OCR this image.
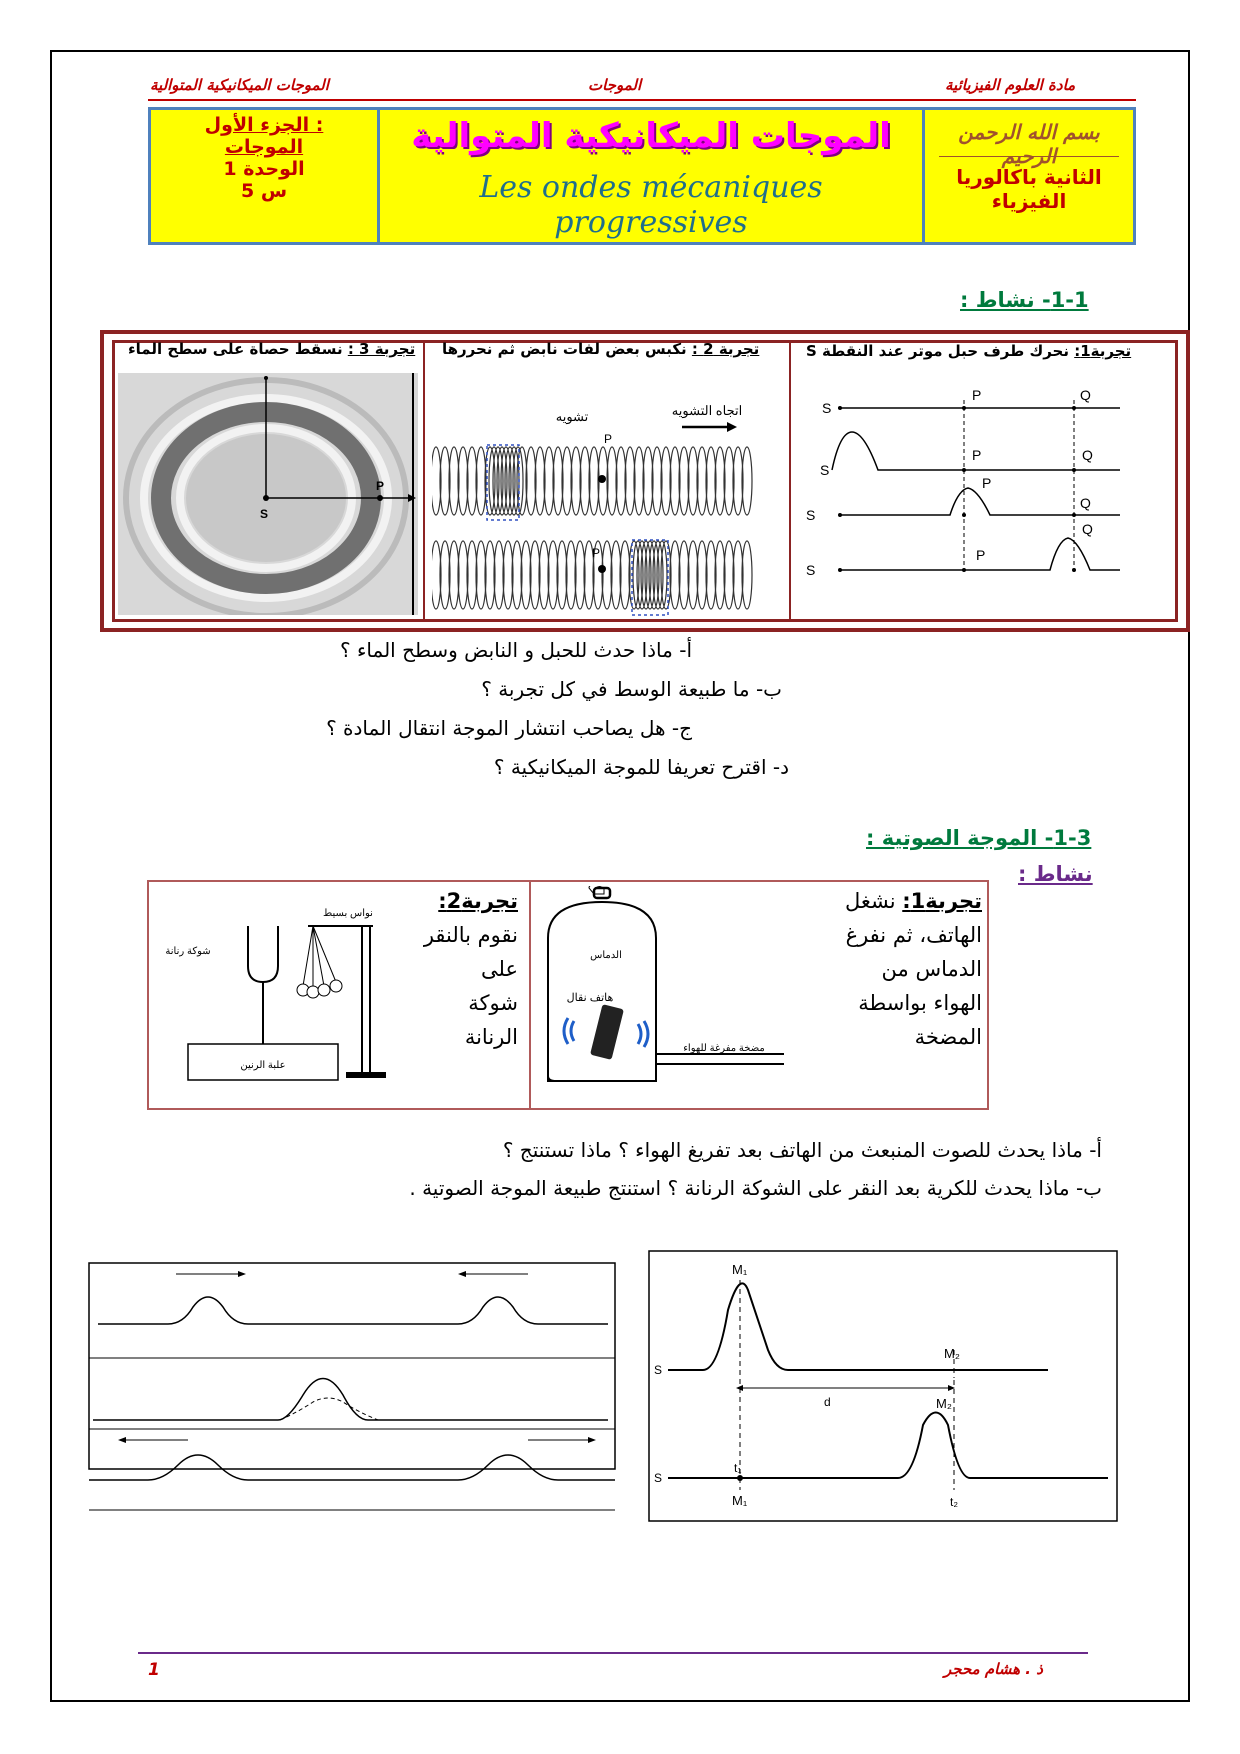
الموجات الميكانيكية المتوالية	الموجات	مادة العلوم الفيزيائية
الجزء الأول :
الموجات
الوحدة 1
5 س
الموجات الميكانيكية المتوالية
Les ondes mécaniques progressives
بسم الله الرحمن الرحيم
الثانية باكالوريا
الفيزياء
1-1- نشاط :
تجربة1: نحرك طرف حبل موتر عند النقطة S
تجربة 2 : نكبس بعض لفات نابض ثم نحررها
تجربة 3 : نسقط حصاة على سطح الماء
S
P	Q
S
P	Q
S
P
Q
S
P
Q
تشويه	اتجاه التشويه
P
P
S
P
أ- ماذا حدث للحبل و النابض وسطح الماء ؟
ب- ما طبيعة الوسط في كل تجربة ؟
ج- هل يصاحب انتشار الموجة انتقال المادة ؟
د- اقترح تعريفا للموجة الميكانيكية ؟
1-3- الموجة الصوتية :
نشاط :
تجربة1: نشغل
الهاتف، ثم نفرغ
الدماس من
الهواء بواسطة
المضخة
الدماس
هاتف نقال
مضخة مفرغة للهواء
تجربة2:
نقوم بالنقر
على
شوكة
الرنانة
نواس بسيط
شوكة رنانة
علبة الرنين
أ- ماذا يحدث للصوت المنبعث من الهاتف بعد تفريغ الهواء ؟ ماذا تستنتج ؟
ب- ماذا يحدث للكرية بعد النقر على الشوكة الرنانة ؟ استنتج طبيعة الموجة الصوتية .
S
S
M₁
M₂
M₂
d
t₁
M₁	t₂
1	ذ . هشام محجر
